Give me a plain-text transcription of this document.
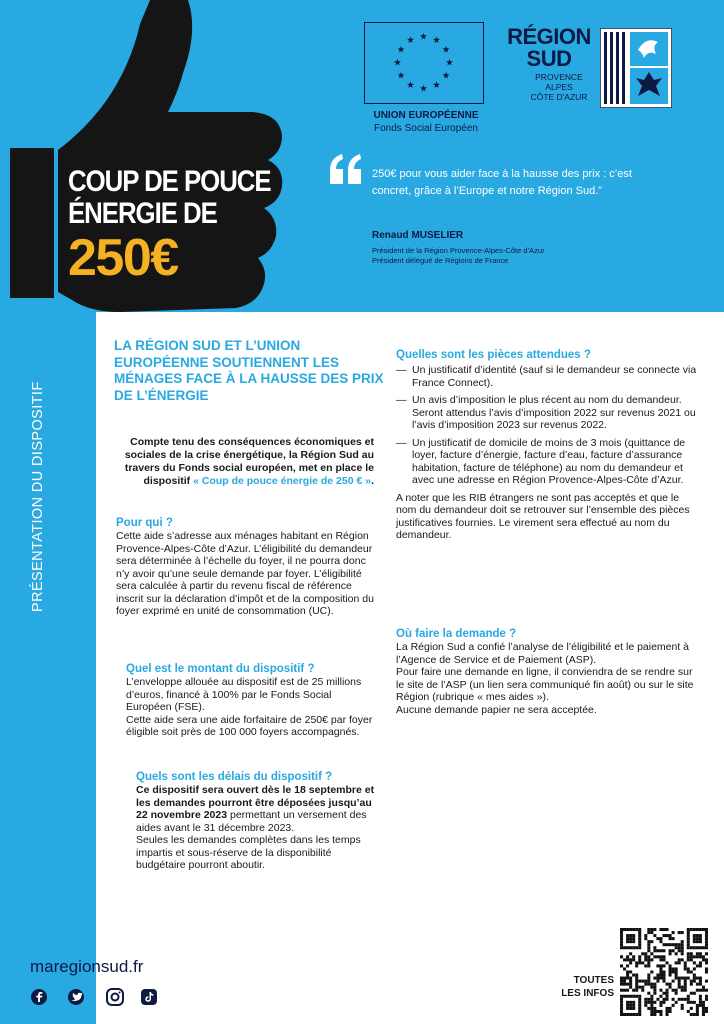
COUP DE POUCE
ÉNERGIE DE
250€
UNION EUROPÉENNE
Fonds Social Européen
RÉGION SUD
PROVENCE
ALPES
CÔTE D'AZUR
250€ pour vous aider face à la hausse des prix : c’est concret, grâce à l’Europe et notre Région Sud.”
Renaud MUSELIER
Président de la Région Provence-Alpes-Côte d’Azur
Président délégué de Régions de France
PRÉSENTATION DU DISPOSITIF
LA RÉGION SUD ET L’UNION EUROPÉENNE SOUTIENNENT LES MÉNAGES FACE À LA HAUSSE DES PRIX DE L’ÉNERGIE
Compte tenu des conséquences économiques et sociales de la crise énergétique, la Région Sud au travers du Fonds social européen, met en place le dispositif « Coup de pouce énergie de 250 € ».
Pour qui ?
Cette aide s’adresse aux ménages habitant en Région Provence-Alpes-Côte d’Azur. L’éligibilité du demandeur sera déterminée à l’échelle du foyer, il ne pourra donc n’y avoir qu’une seule demande par foyer. L’éligibilité sera calculée à partir du revenu fiscal de référence inscrit sur la déclaration d’impôt et de la composition du foyer exprimé en unité de consommation (UC).
Quel est le montant du dispositif ?
L’enveloppe allouée au dispositif est de 25 millions d’euros, financé à 100% par le Fonds Social Européen (FSE).
Cette aide sera une aide forfaitaire de 250€ par foyer éligible soit près de 100 000 foyers accompagnés.
Quels sont les délais du dispositif ?
Ce dispositif sera ouvert dès le 18 septembre et les demandes pourront être déposées jusqu’au 22 novembre 2023 permettant un versement des aides avant le 31 décembre 2023.
Seules les demandes complètes dans les temps impartis et sous-réserve de la disponibilité budgétaire pourront aboutir.
Quelles sont les pièces attendues ?
— Un justificatif d’identité (sauf si le demandeur se connecte via France Connect).
— Un avis d’imposition le plus récent au nom du demandeur. Seront attendus l’avis d’imposition 2022 sur revenus 2021 ou l’avis d’imposition 2023 sur revenus 2022.
— Un justificatif de domicile de moins de 3 mois (quittance de loyer, facture d’énergie, facture d’eau, facture d’assurance habitation, facture de téléphone) au nom du demandeur et avec une adresse en Région Provence-Alpes-Côte d’Azur.
A noter que les RIB étrangers ne sont pas acceptés et que le nom du demandeur doit se retrouver sur l’ensemble des pièces justificatives fournies. Le virement sera effectué au nom du demandeur.
Où faire la demande ?
La Région Sud a confié l’analyse de l’éligibilité et le paiement à l’Agence de Service et de Paiement (ASP).
Pour faire une demande en ligne, il conviendra de se rendre sur le site de l’ASP (un lien sera communiqué fin août) ou sur le site Région (rubrique « mes aides »).
Aucune demande papier ne sera acceptée.
maregionsud.fr
TOUTES
LES INFOS
